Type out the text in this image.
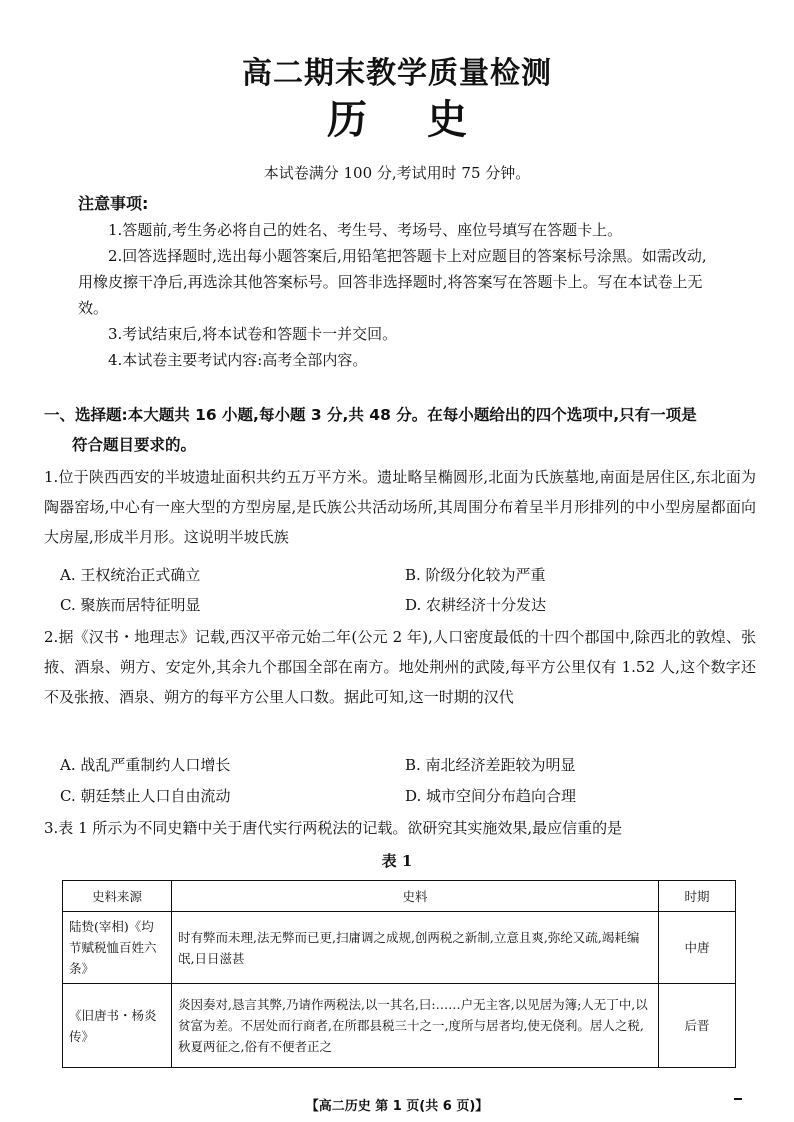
高二期末教学质量检测
历史
本试卷满分 100 分,考试用时 75 分钟。
注意事项:
1.答题前,考生务必将自己的姓名、考生号、考场号、座位号填写在答题卡上。
2.回答选择题时,选出每小题答案后,用铅笔把答题卡上对应题目的答案标号涂黑。如需改动,用橡皮擦干净后,再选涂其他答案标号。回答非选择题时,将答案写在答题卡上。写在本试卷上无效。
3.考试结束后,将本试卷和答题卡一并交回。
4.本试卷主要考试内容:高考全部内容。
一、选择题:本大题共 16 小题,每小题 3 分,共 48 分。在每小题给出的四个选项中,只有一项是
符合题目要求的。
1.位于陕西西安的半坡遗址面积共约五万平方米。遗址略呈椭圆形,北面为氏族墓地,南面是居住区,东北面为陶器窑场,中心有一座大型的方型房屋,是氏族公共活动场所,其周围分布着呈半月形排列的中小型房屋都面向大房屋,形成半月形。这说明半坡氏族
A. 王权统治正式确立	B. 阶级分化较为严重
C. 聚族而居特征明显	D. 农耕经济十分发达
2.据《汉书・地理志》记载,西汉平帝元始二年(公元 2 年),人口密度最低的十四个郡国中,除西北的敦煌、张掖、酒泉、朔方、安定外,其余九个郡国全部在南方。地处荆州的武陵,每平方公里仅有 1.52 人,这个数字还不及张掖、酒泉、朔方的每平方公里人口数。据此可知,这一时期的汉代
A. 战乱严重制约人口增长	B. 南北经济差距较为明显
C. 朝廷禁止人口自由流动	D. 城市空间分布趋向合理
3.表 1 所示为不同史籍中关于唐代实行两税法的记载。欲研究其实施效果,最应信重的是
表 1
史料来源	史料	时期
陆贽(宰相)《均节赋税恤百姓六条》	时有弊而未理,法无弊而已更,扫庸调之成规,创两税之新制,立意且爽,弥纶又疏,竭耗编氓,日日滋甚	中唐
《旧唐书・杨炎传》	炎因奏对,恳言其弊,乃请作两税法,以一其名,曰:……户无主客,以见居为簿;人无丁中,以贫富为差。不居处而行商者,在所郡县税三十之一,度所与居者均,使无侥利。居人之税,秋夏两征之,俗有不便者正之	后晋
【高二历史 第 1 页(共 6 页)】
